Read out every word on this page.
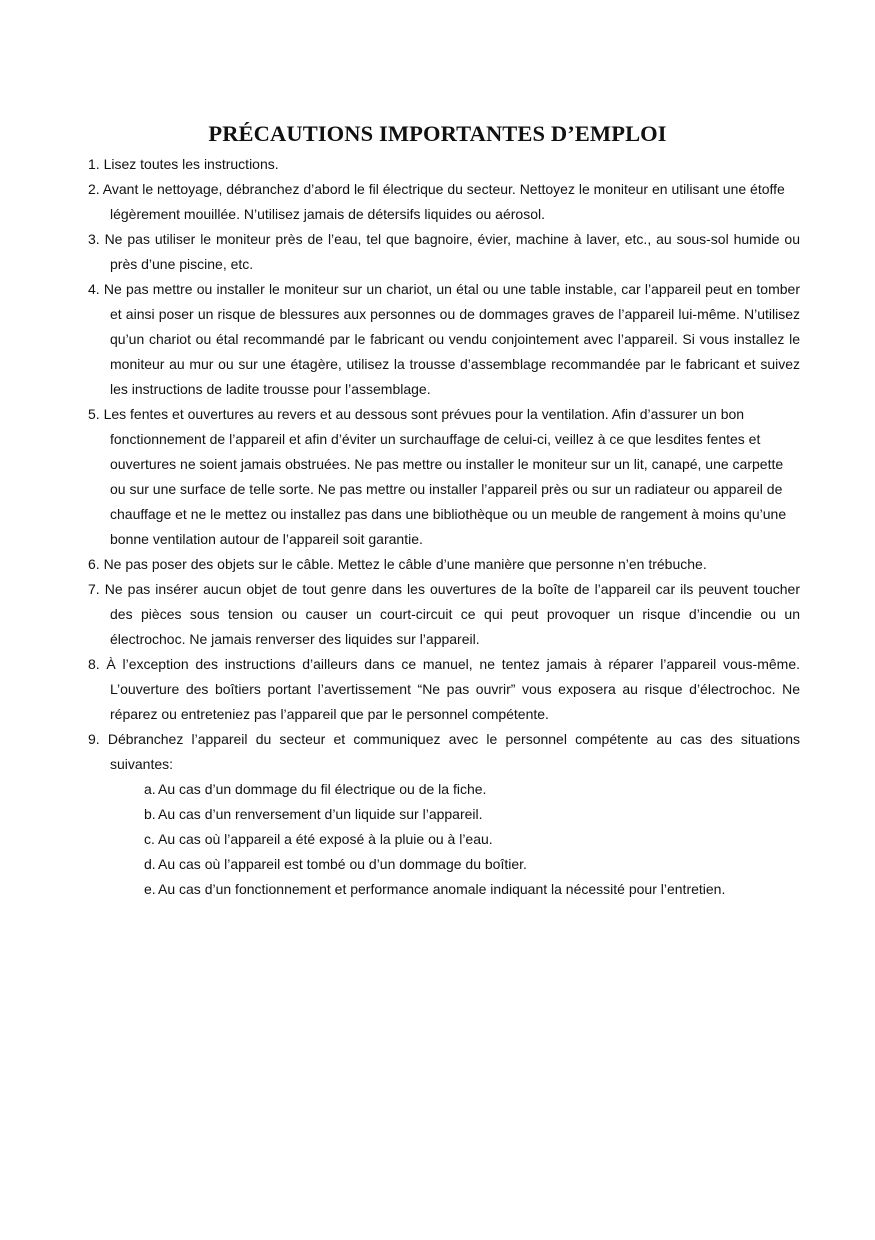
PRÉCAUTIONS IMPORTANTES D’EMPLOI
1. Lisez toutes les instructions.
2. Avant le nettoyage, débranchez d’abord le fil électrique du secteur. Nettoyez le moniteur en utilisant une étoffe légèrement mouillée. N’utilisez jamais de détersifs liquides ou aérosol.
3. Ne pas utiliser le moniteur près de l’eau, tel que bagnoire, évier, machine à laver, etc., au sous-sol humide ou près d’une piscine, etc.
4. Ne pas mettre ou installer le moniteur sur un chariot, un étal ou une table instable, car l’appareil peut en tomber et ainsi poser un risque de blessures aux personnes ou de dommages graves de l’appareil lui-même. N’utilisez qu’un chariot ou étal recommandé par le fabricant ou vendu conjointement avec l’appareil. Si vous installez le moniteur au mur ou sur une étagère, utilisez la trousse d’assemblage recommandée par le fabricant et suivez les instructions de ladite trousse pour l’assemblage.
5. Les fentes et ouvertures au revers et au dessous sont prévues pour la ventilation. Afin d’assurer un bon fonctionnement de l’appareil et afin d’éviter un surchauffage de celui-ci, veillez à ce que lesdites fentes et ouvertures ne soient jamais obstruées. Ne pas mettre ou installer le moniteur sur un lit, canapé, une carpette ou sur une surface de telle sorte. Ne pas mettre ou installer l’appareil près ou sur un radiateur ou appareil de chauffage et ne le mettez ou installez pas dans une bibliothèque ou un meuble de rangement à moins qu’une bonne ventilation autour de l’appareil soit garantie.
6. Ne pas poser des objets sur le câble. Mettez le câble d’une manière que personne n’en trébuche.
7. Ne pas insérer aucun objet de tout genre dans les ouvertures de la boîte de l’appareil car ils peuvent toucher des pièces sous tension ou causer un court-circuit ce qui peut provoquer un risque d’incendie ou un électrochoc. Ne jamais renverser des liquides sur l’appareil.
8. À l’exception des instructions d’ailleurs dans ce manuel, ne tentez jamais à réparer l’appareil vous-même. L’ouverture des boîtiers portant l’avertissement “Ne pas ouvrir” vous exposera au risque d’électrochoc. Ne réparez ou entreteniez pas l’appareil que par le personnel compétente.
9. Débranchez l’appareil du secteur et communiquez avec le personnel compétente au cas des situations suivantes:
a. Au cas d’un dommage du fil électrique ou de la fiche.
b. Au cas d’un renversement d’un liquide sur l’appareil.
c. Au cas où l’appareil a été exposé à la pluie ou à l’eau.
d. Au cas où l’appareil est tombé ou d’un dommage du boîtier.
e. Au cas d’un fonctionnement et performance anomale indiquant la nécessité pour l’entretien.
